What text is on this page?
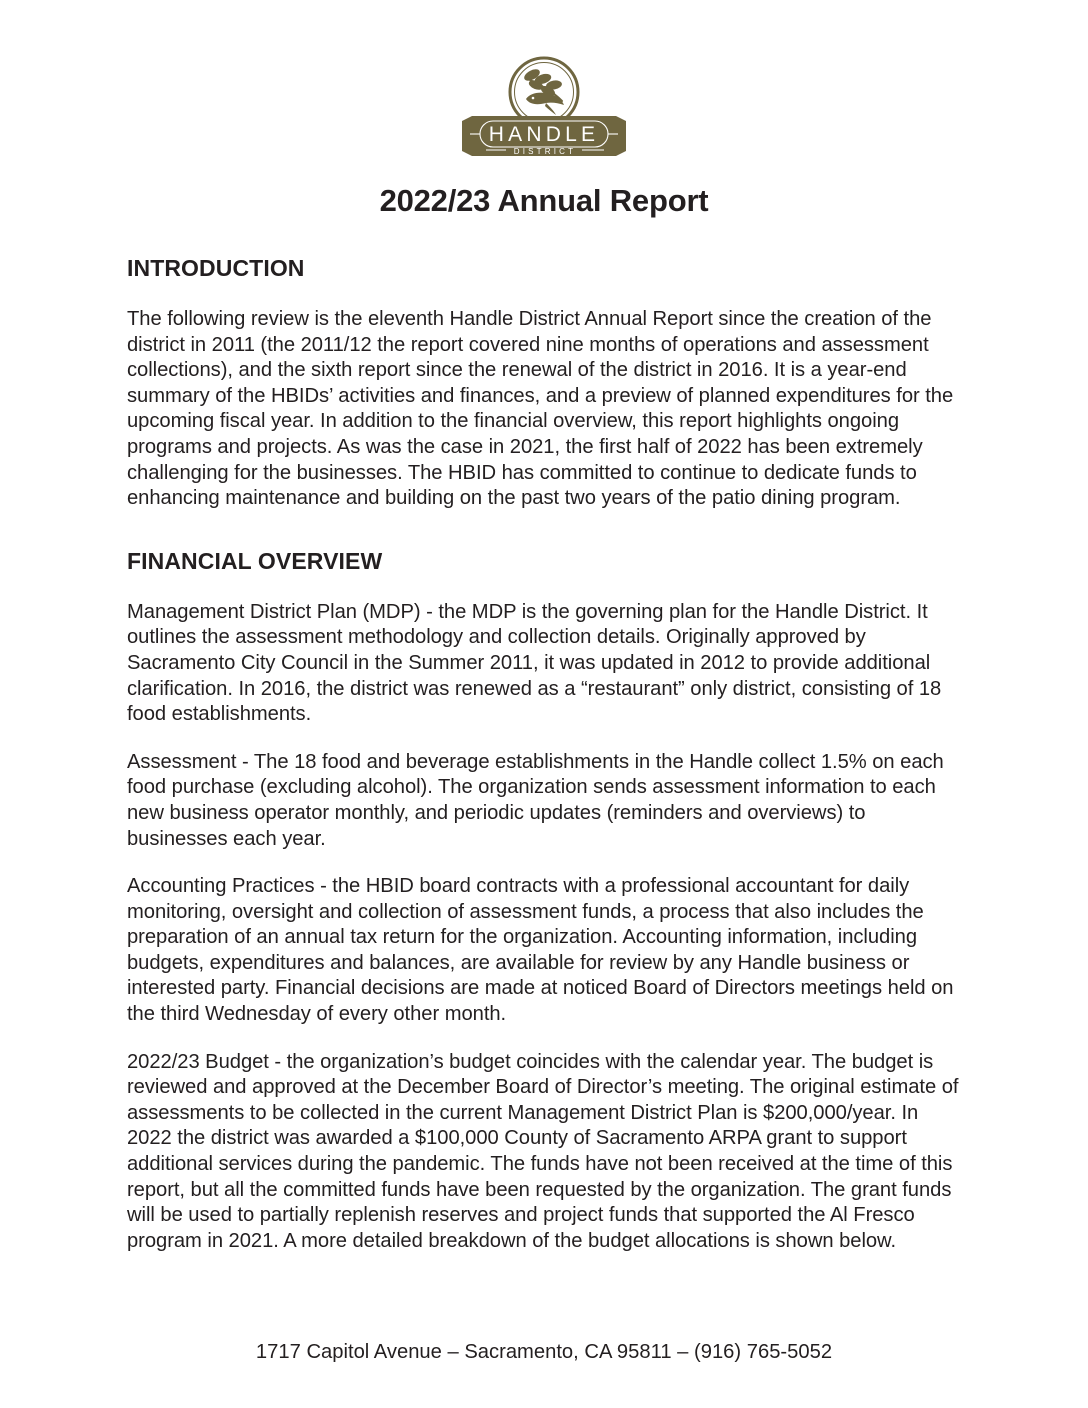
HANDLE
DISTRICT
2022/23 Annual Report
INTRODUCTION

The following review is the eleventh Handle District Annual Report since the creation of the district in 2011 (the 2011/12 the report covered nine months of operations and assessment collections), and the sixth report since the renewal of the district in 2016. It is a year-end summary of the HBIDs’ activities and finances, and a preview of planned expenditures for the upcoming fiscal year. In addition to the financial overview, this report highlights ongoing programs and projects. As was the case in 2021, the first half of 2022 has been extremely challenging for the businesses. The HBID has committed to continue to dedicate funds to enhancing maintenance and building on the past two years of the patio dining program.

FINANCIAL OVERVIEW

Management District Plan (MDP) - the MDP is the governing plan for the Handle District. It outlines the assessment methodology and collection details. Originally approved by Sacramento City Council in the Summer 2011, it was updated in 2012 to provide additional clarification. In 2016, the district was renewed as a “restaurant” only district, consisting of 18 food establishments.

Assessment - The 18 food and beverage establishments in the Handle collect 1.5% on each food purchase (excluding alcohol). The organization sends assessment information to each new business operator monthly, and periodic updates (reminders and overviews) to businesses each year.

Accounting Practices - the HBID board contracts with a professional accountant for daily monitoring, oversight and collection of assessment funds, a process that also includes the preparation of an annual tax return for the organization. Accounting information, including budgets, expenditures and balances, are available for review by any Handle business or interested party. Financial decisions are made at noticed Board of Directors meetings held on the third Wednesday of every other month.

2022/23 Budget - the organization’s budget coincides with the calendar year. The budget is reviewed and approved at the December Board of Director’s meeting. The original estimate of assessments to be collected in the current Management District Plan is $200,000/year. In 2022 the district was awarded a $100,000 County of Sacramento ARPA grant to support additional services during the pandemic. The funds have not been received at the time of this report, but all the committed funds have been requested by the organization. The grant funds will be used to partially replenish reserves and project funds that supported the Al Fresco program in 2021. A more detailed breakdown of the budget allocations is shown below.

1717 Capitol Avenue – Sacramento, CA 95811 – (916) 765-5052
